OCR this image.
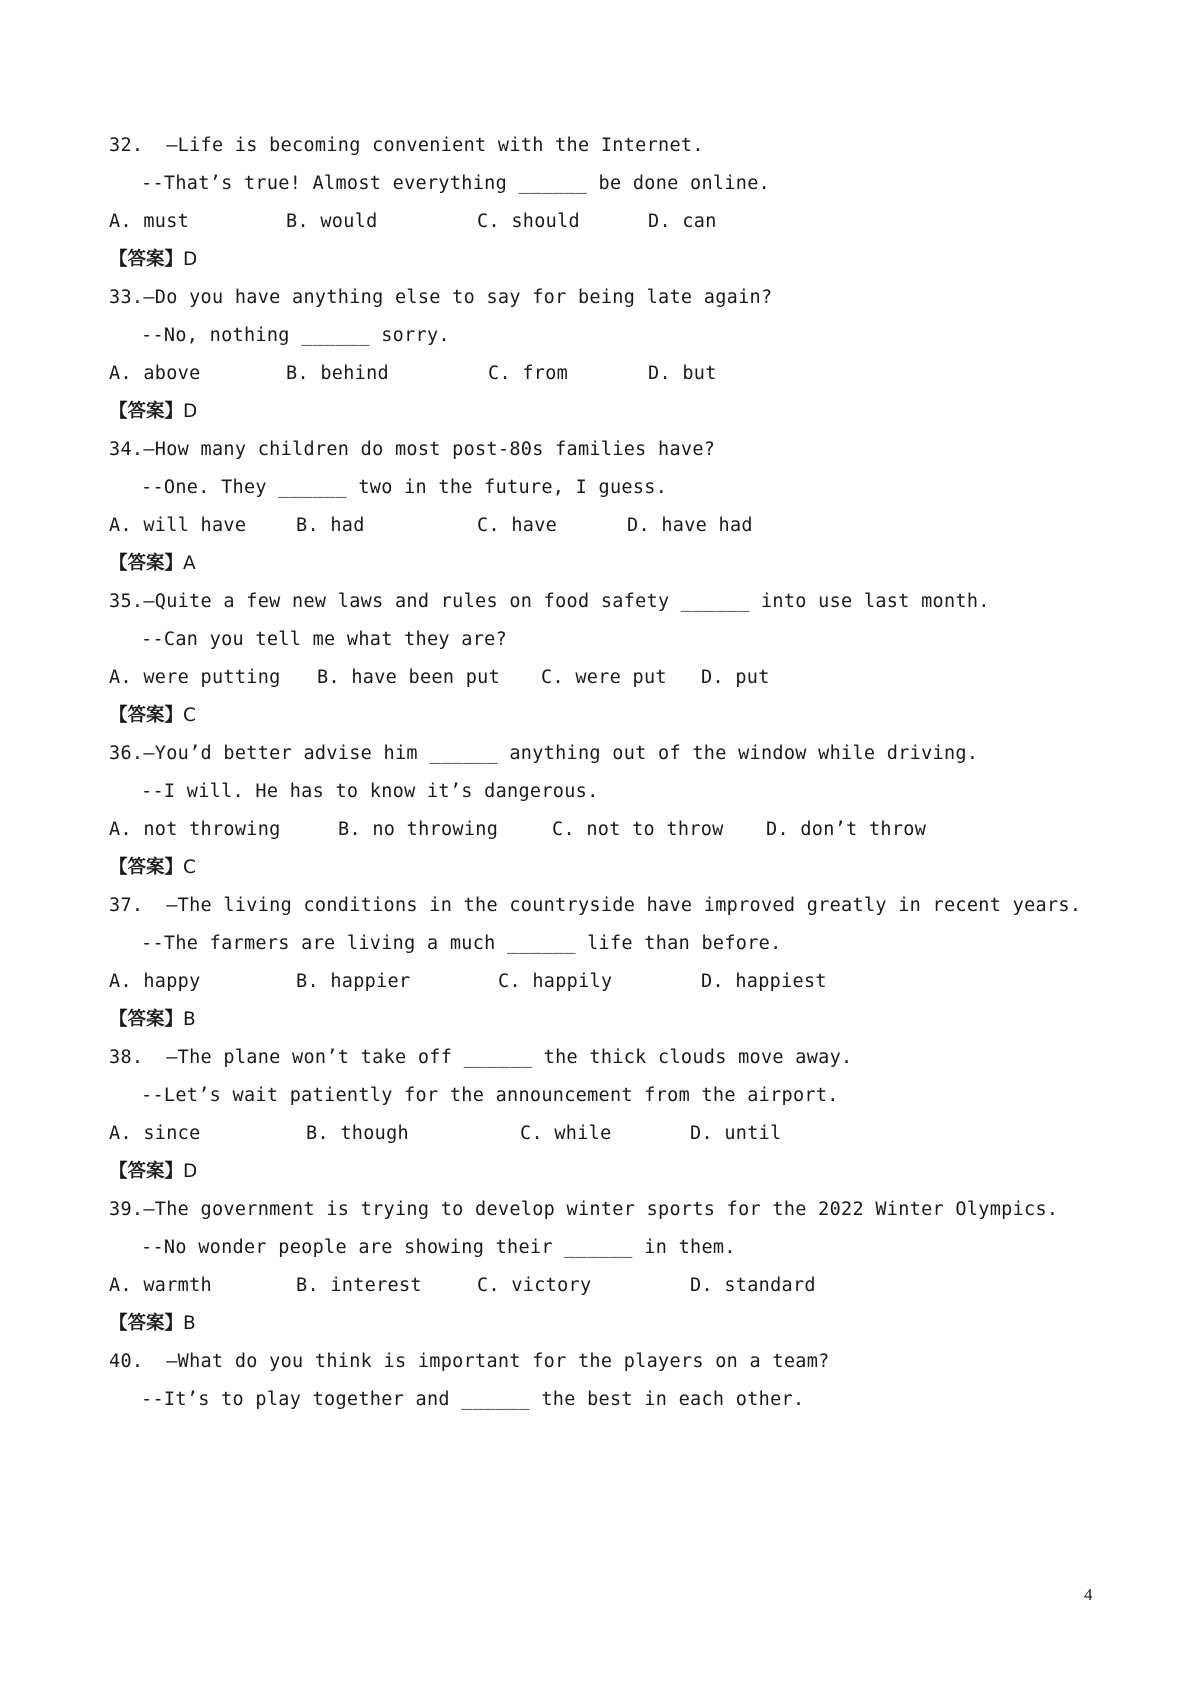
32. –Life is becoming convenient with the Internet.
--That’s true! Almost everything ______ be done online.
A. must	B. would	C. should	D. can
【答案】D
33.–Do you have anything else to say for being late again?
--No, nothing ______ sorry.
A. above	B. behind	C. from	D. but
【答案】D
34.–How many children do most post-80s families have?
--One. They ______ two in the future, I guess.
A. will have	B. had	C. have	D. have had
【答案】A
35.–Quite a few new laws and rules on food safety ______ into use last month.
--Can you tell me what they are?
A. were putting B. have been put C. were put D. put
【答案】C
36.–You’d better advise him ______ anything out of the window while driving.
--I will. He has to know it’s dangerous.
A. not throwing	B. no throwing	C. not to throw D. don’t throw
【答案】C
37. –The living conditions in the countryside have improved greatly in recent years.
--The farmers are living a much ______ life than before.
A. happy	B. happier	C. happily	D. happiest
【答案】B
38. –The plane won’t take off ______ the thick clouds move away.
--Let’s wait patiently for the announcement from the airport.
A. since	B. though	C. while	D. until
【答案】D
39.–The government is trying to develop winter sports for the 2022 Winter Olympics.
--No wonder people are showing their ______ in them.
A. warmth	B. interest	C. victory	D. standard
【答案】B
40. –What do you think is important for the players on a team?
--It’s to play together and ______ the best in each other.
4
